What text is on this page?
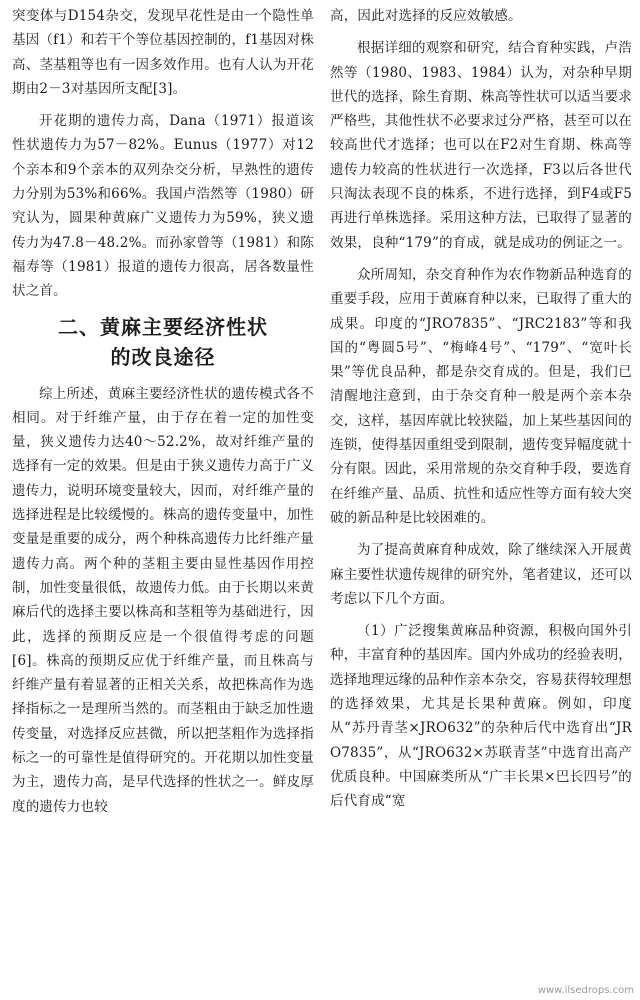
突变体与D154杂交，发现早花性是由一个隐性单基因（f1）和若干个等位基因控制的，f1基因对株高、茎基粗等也有一因多效作用。也有人认为开花期由2－3对基因所支配[3]。

开花期的遗传力高，Dana（1971）报道该性状遗传力为57－82%。Eunus（1977）对12个亲本和9个亲本的双列杂交分析，早熟性的遗传力分别为53%和66%。我国卢浩然等（1980）研究认为，圆果种黄麻广义遗传力为59%，狭义遗传力为47.8－48.2%。而孙家曾等（1981）和陈福寿等（1981）报道的遗传力很高，居各数量性状之首。

二、黄麻主要经济性状
的改良途径

综上所述，黄麻主要经济性状的遗传模式各不相同。对于纤维产量，由于存在着一定的加性变量，狭义遗传力达40～52.2%，故对纤维产量的选择有一定的效果。但是由于狭义遗传力高于广义遗传力，说明环境变量较大，因而，对纤维产量的选择进程是比较缓慢的。株高的遗传变量中，加性变量是重要的成分，两个种株高遗传力比纤维产量遗传力高。两个种的茎粗主要由显性基因作用控制，加性变量很低，故遗传力低。由于长期以来黄麻后代的选择主要以株高和茎粗等为基础进行，因此，选择的预期反应是一个很值得考虑的问题[6]。株高的预期反应优于纤维产量，而且株高与纤维产量有着显著的正相关关系，故把株高作为选择指标之一是理所当然的。而茎粗由于缺乏加性遗传变量，对选择反应甚微，所以把茎粗作为选择指标之一的可靠性是值得研究的。开花期以加性变量为主，遗传力高，是早代选择的性状之一。鲜皮厚度的遗传力也较

高，因此对选择的反应效敏感。

根据详细的观察和研究，结合育种实践，卢浩然等（1980、1983、1984）认为，对杂种早期世代的选择，除生育期、株高等性状可以适当要求严格些，其他性状不必要求过分严格，甚至可以在较高世代才选择；也可以在F2对生育期、株高等遗传力较高的性状进行一次选择，F3以后各世代只淘汰表现不良的株系，不进行选择，到F4或F5再进行单株选择。采用这种方法，已取得了显著的效果，良种“179”的育成，就是成功的例证之一。

众所周知，杂交育种作为农作物新品种选育的重要手段，应用于黄麻育种以来，已取得了重大的成果。印度的“JRO7835”、“JRC2183”等和我国的“粤圆5号”、“梅峰4号”、“179”、“宽叶长果”等优良品种，都是杂交育成的。但是，我们已清醒地注意到，由于杂交育种一般是两个亲本杂交，这样，基因库就比较狭隘，加上某些基因间的连锁，使得基因重组受到限制，遗传变异幅度就十分有限。因此，采用常规的杂交育种手段，要选育在纤维产量、品质、抗性和适应性等方面有较大突破的新品种是比较困难的。

为了提高黄麻育种成效，除了继续深入开展黄麻主要性状遗传规律的研究外，笔者建议，还可以考虑以下几个方面。

（1）广泛搜集黄麻品种资源，积极向国外引种，丰富育种的基因库。国内外成功的经验表明，选择地理远缘的品种作亲本杂交，容易获得较理想的选择效果，尤其是长果种黄麻。例如，印度从“苏丹青茎×JRO632”的杂种后代中选育出“JRO7835”，从“JRO632×苏联青茎”中选育出高产优质良种。中国麻类所从“广丰长果×巴长四号”的后代育成“宽

www.ilsedrops.com
